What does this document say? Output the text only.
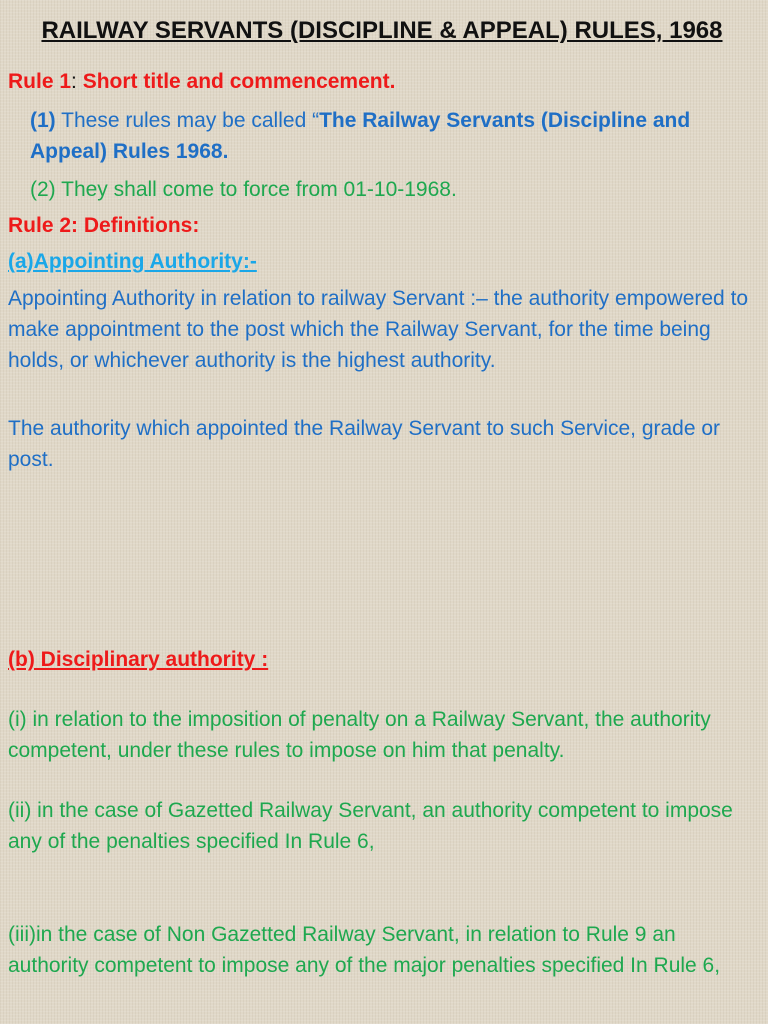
RAILWAY SERVANTS (DISCIPLINE & APPEAL) RULES, 1968
Rule 1: Short title and commencement.
(1) These rules may be called “The Railway Servants (Discipline and Appeal) Rules 1968.
(2) They shall come to force from 01-10-1968.
Rule 2: Definitions:
(a)Appointing Authority:-
Appointing Authority in relation to railway Servant :– the authority empowered to make appointment to the post which the Railway Servant, for the time being holds, or whichever authority is the highest authority.
The authority which appointed the Railway Servant to such Service, grade or post.
(b) Disciplinary authority :
(i) in relation to the imposition of penalty on a Railway Servant, the authority competent, under these rules to impose on him that penalty.
(ii) in the case of Gazetted Railway Servant, an authority competent to impose any of the penalties specified In Rule 6,
(iii)in the case of Non Gazetted Railway Servant, in relation to Rule 9 an authority competent to impose any of the major penalties specified In Rule 6,
